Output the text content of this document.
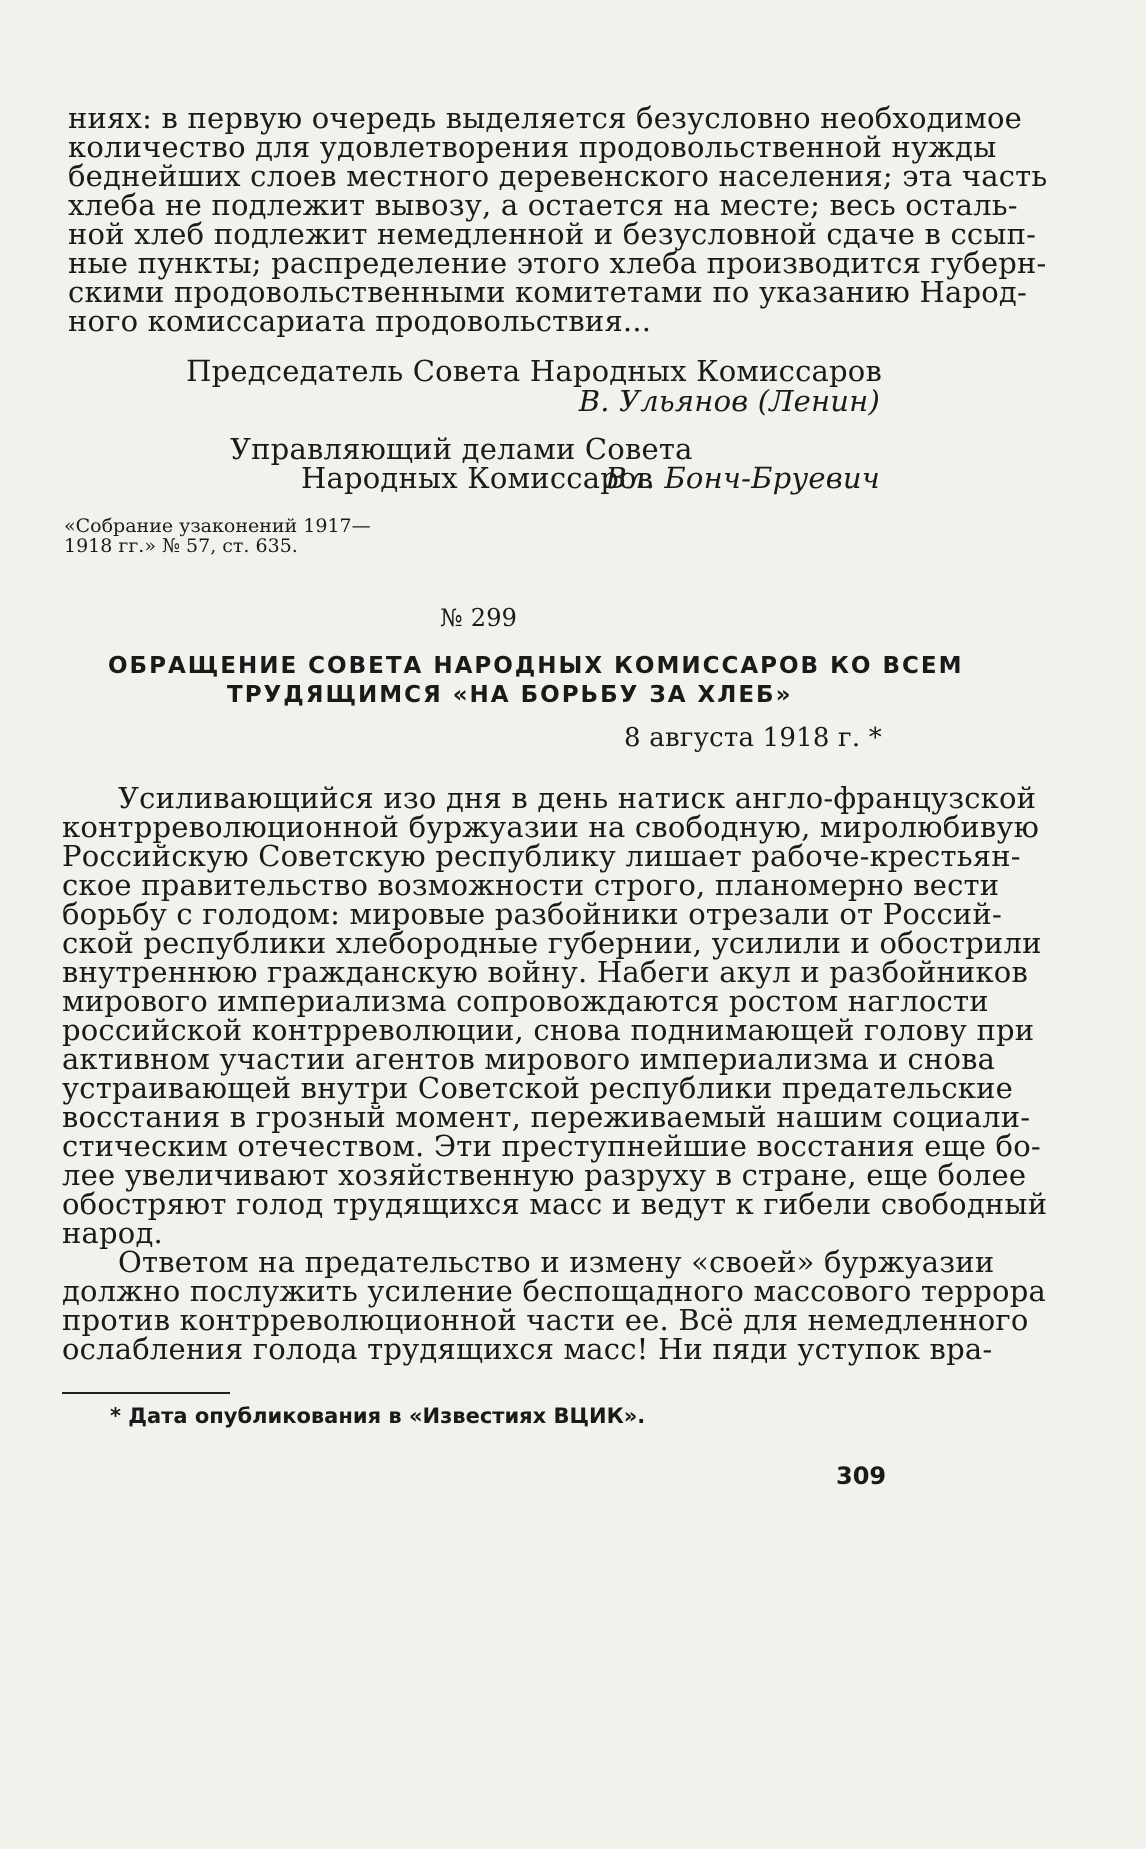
ниях: в первую очередь выделяется безусловно необходимое
количество для удовлетворения продовольственной нужды
беднейших слоев местного деревенского населения; эта часть
хлеба не подлежит вывозу, а остается на месте; весь осталь-
ной хлеб подлежит немедленной и безусловной сдаче в ссып-
ные пункты; распределение этого хлеба производится губерн-
скими продовольственными комитетами по указанию Народ-
ного комиссариата продовольствия...
Председатель Совета Народных Комиссаров
В. Ульянов (Ленин)
Управляющий делами Совета
Народных Комиссаров
Вл. Бонч-Бруевич
«Собрание узаконений 1917—
1918 гг.» № 57, ст. 635.
№ 299
ОБРАЩЕНИЕ СОВЕТА НАРОДНЫХ КОМИССАРОВ КО ВСЕМ
ТРУДЯЩИМСЯ «НА БОРЬБУ ЗА ХЛЕБ»
8 августа 1918 г. *
Усиливающийся изо дня в день натиск англо-французской
контрреволюционной буржуазии на свободную, миролюбивую
Российскую Советскую республику лишает рабоче-крестьян-
ское правительство возможности строго, планомерно вести
борьбу с голодом: мировые разбойники отрезали от Россий-
ской республики хлебородные губернии, усилили и обострили
внутреннюю гражданскую войну. Набеги акул и разбойников
мирового империализма сопровождаются ростом наглости
российской контрреволюции, снова поднимающей голову при
активном участии агентов мирового империализма и снова
устраивающей внутри Советской республики предательские
восстания в грозный момент, переживаемый нашим социали-
стическим отечеством. Эти преступнейшие восстания еще бо-
лее увеличивают хозяйственную разруху в стране, еще более
обостряют голод трудящихся масс и ведут к гибели свободный
народ.
Ответом на предательство и измену «своей» буржуазии
должно послужить усиление беспощадного массового террора
против контрреволюционной части ее. Всё для немедленного
ослабления голода трудящихся масс! Ни пяди уступок вра-
* Дата опубликования в «Известиях ВЦИК».
309
